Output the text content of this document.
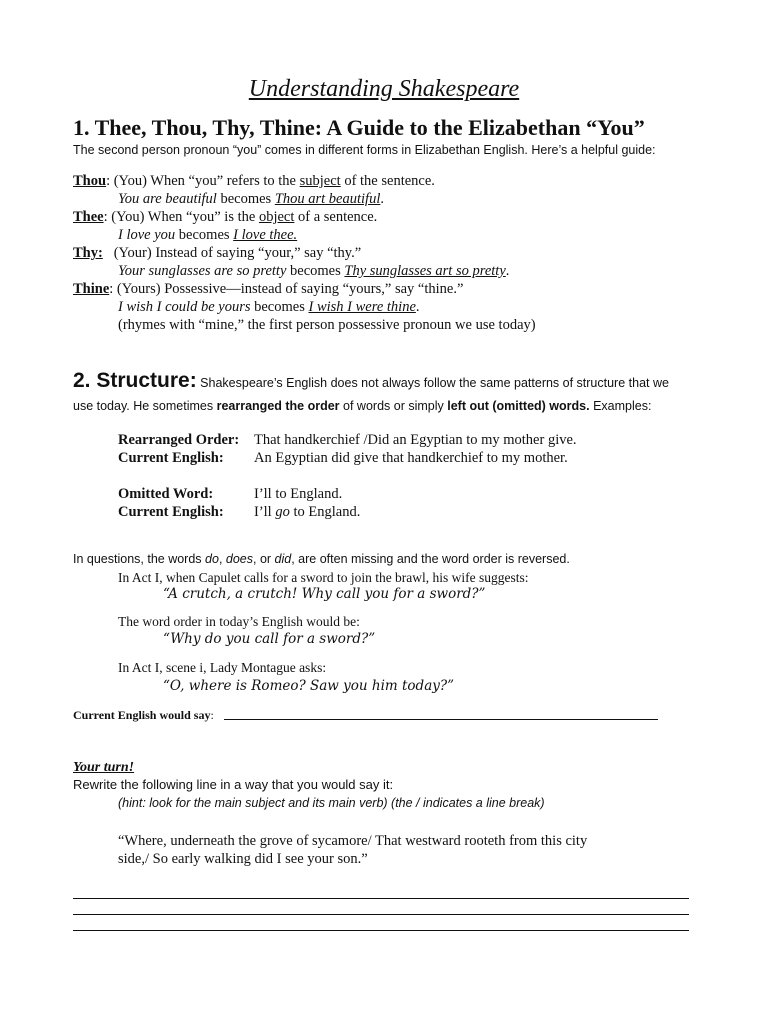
Understanding Shakespeare
1. Thee, Thou, Thy, Thine: A Guide to the Elizabethan “You”
The second person pronoun “you” comes in different forms in Elizabethan English. Here’s a helpful guide:
Thou: (You) When “you” refers to the subject of the sentence.
You are beautiful becomes Thou art beautiful.
Thee: (You) When “you” is the object of a sentence.
I love you becomes I love thee.
Thy:   (Your) Instead of saying “your,” say “thy.”
Your sunglasses are so pretty becomes Thy sunglasses art so pretty.
Thine: (Yours) Possessive—instead of saying “yours,” say “thine.”
I wish I could be yours becomes I wish I were thine.
(rhymes with “mine,” the first person possessive pronoun we use today)
2. Structure: Shakespeare’s English does not always follow the same patterns of structure that we
use today. He sometimes rearranged the order of words or simply left out (omitted) words. Examples:
Rearranged Order: That handkerchief /Did an Egyptian to my mother give.
Current English: An Egyptian did give that handkerchief to my mother.
Omitted Word:	I’ll to England.
Current English: I’ll go to England.
In questions, the words do, does, or did, are often missing and the word order is reversed.
In Act I, when Capulet calls for a sword to join the brawl, his wife suggests:
“A crutch, a crutch! Why call you for a sword?”
The word order in today’s English would be:
“Why do you call for a sword?”
In Act I, scene i, Lady Montague asks:
“O, where is Romeo? Saw you him today?”
Current English would say:
Your turn!
Rewrite the following line in a way that you would say it:
(hint: look for the main subject and its main verb) (the / indicates a line break)
“Where, underneath the grove of sycamore/ That westward rooteth from this city
side,/ So early walking did I see your son.”
